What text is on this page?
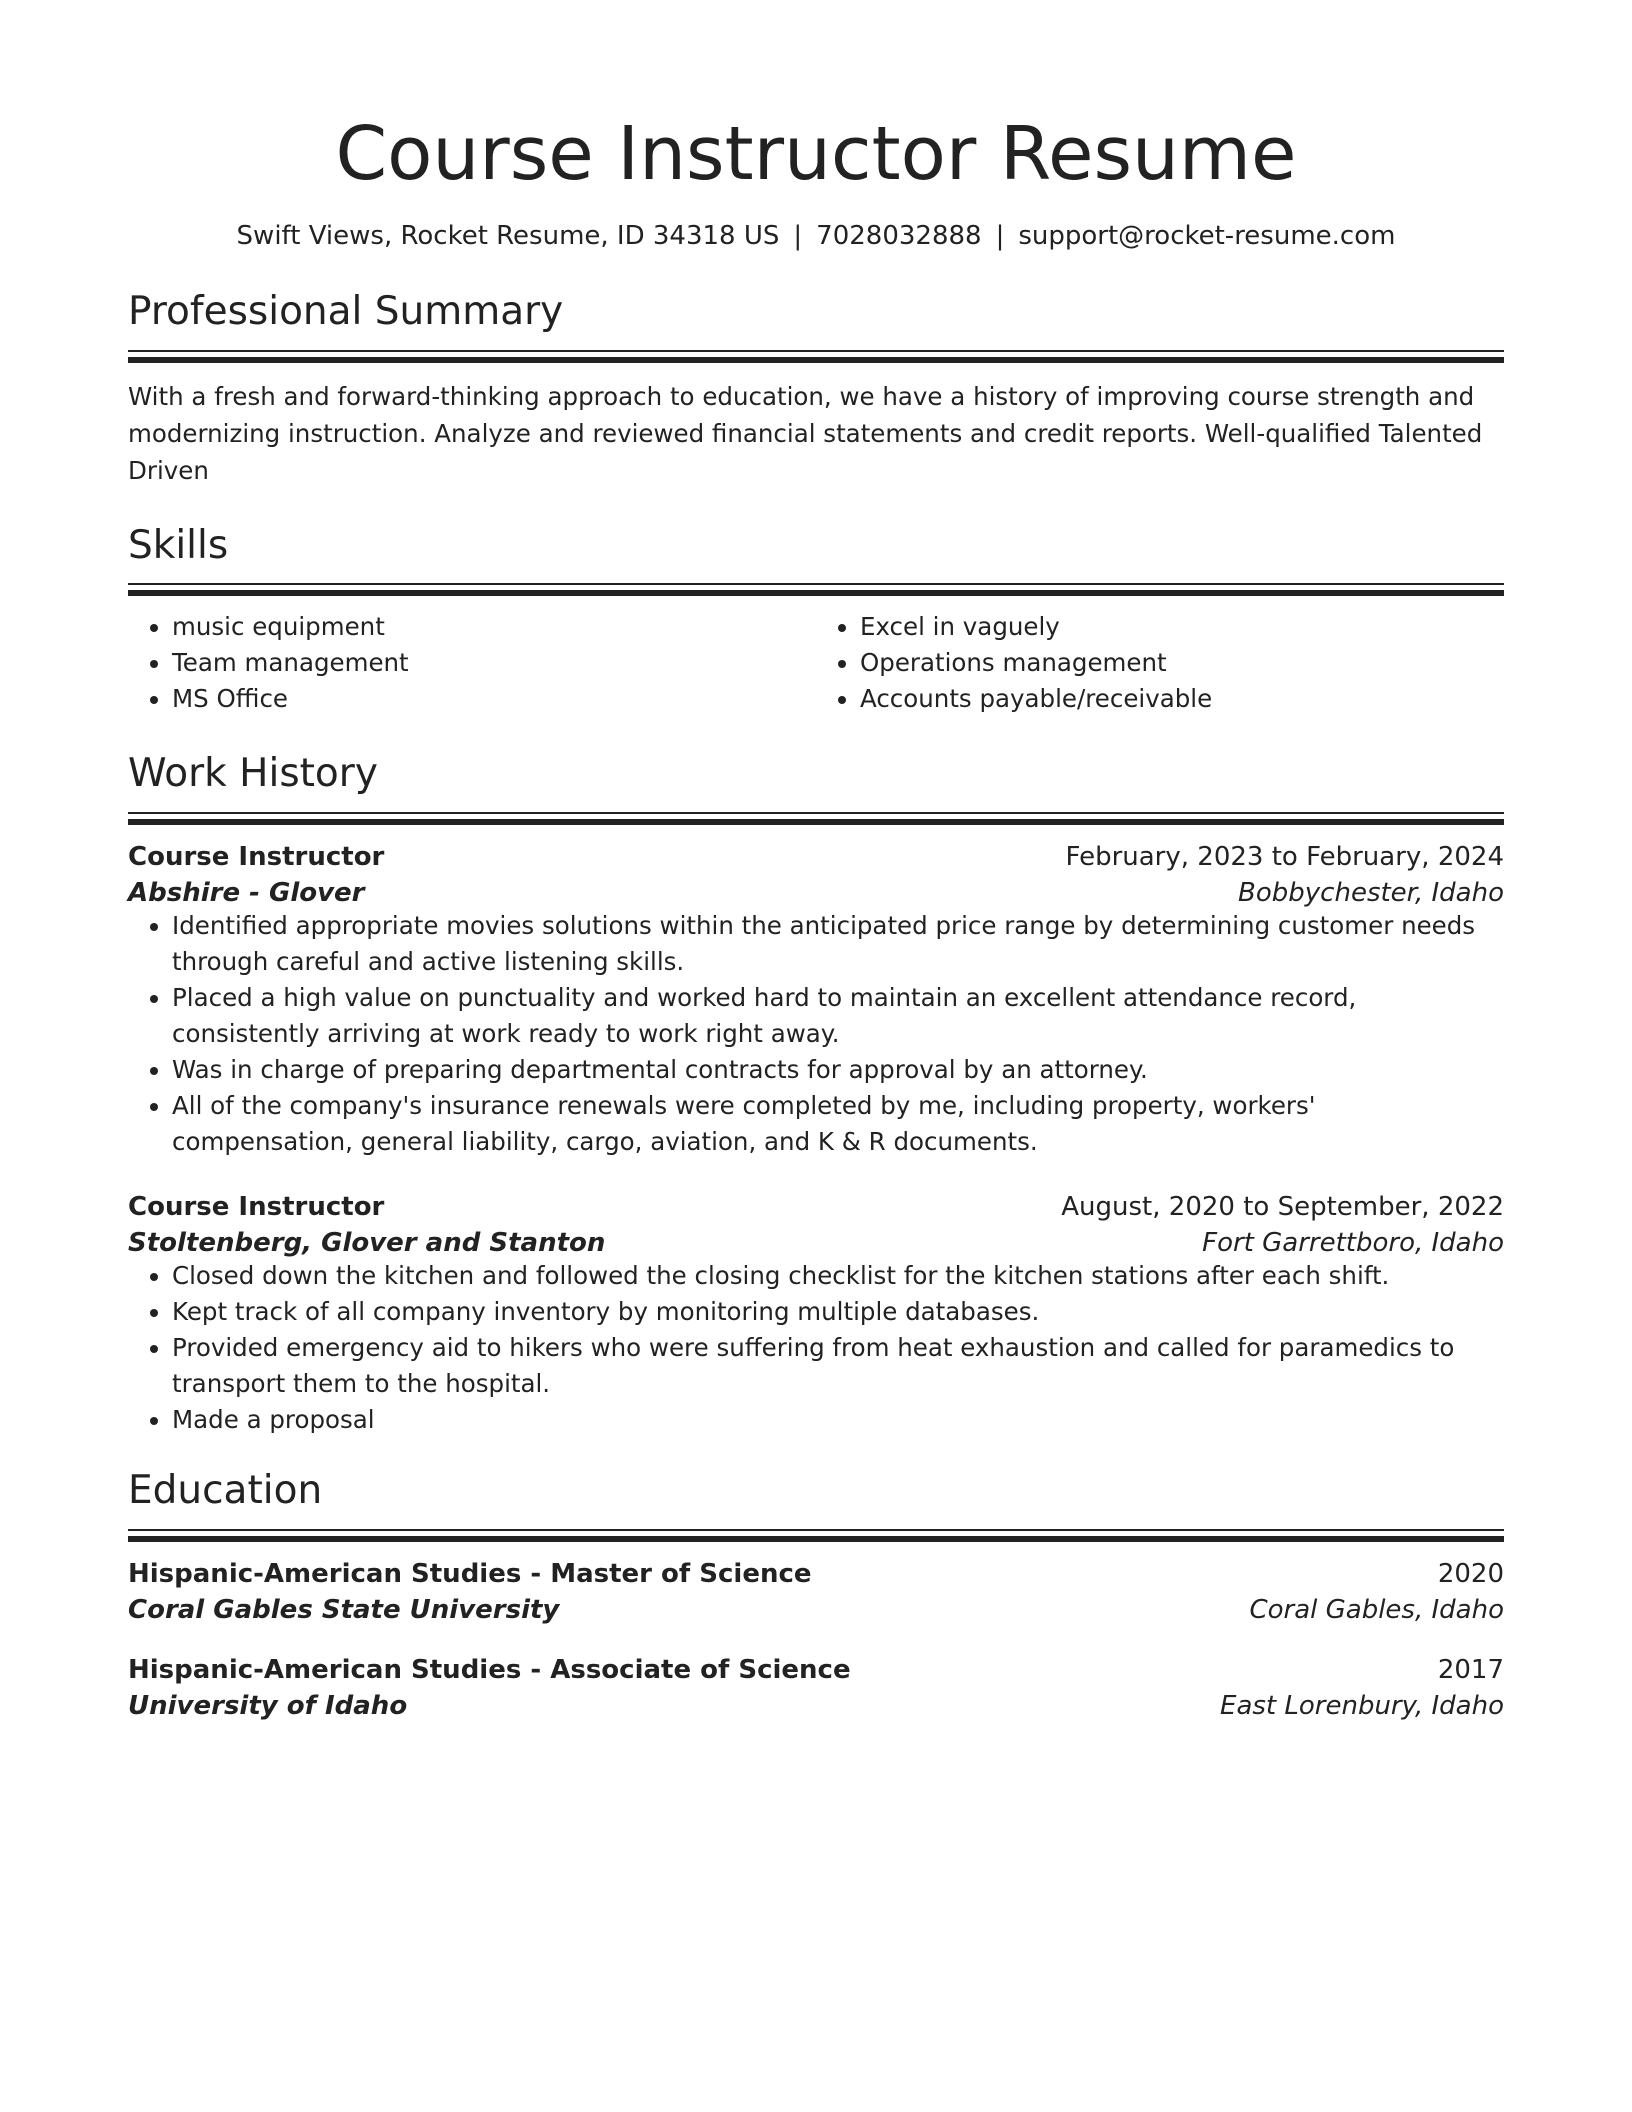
Course Instructor Resume
Swift Views, Rocket Resume, ID 34318 US | 7028032888 | support@rocket-resume.com
Professional Summary
With a fresh and forward-thinking approach to education, we have a history of improving course strength and modernizing instruction. Analyze and reviewed financial statements and credit reports. Well-qualified Talented Driven
Skills
• music equipment
• Team management
• MS Office
• Excel in vaguely
• Operations management
• Accounts payable/receivable
Work History
Course Instructor	February, 2023 to February, 2024
Abshire - Glover	Bobbychester, Idaho
• Identified appropriate movies solutions within the anticipated price range by determining customer needs through careful and active listening skills.
• Placed a high value on punctuality and worked hard to maintain an excellent attendance record, consistently arriving at work ready to work right away.
• Was in charge of preparing departmental contracts for approval by an attorney.
• All of the company's insurance renewals were completed by me, including property, workers' compensation, general liability, cargo, aviation, and K & R documents.
Course Instructor	August, 2020 to September, 2022
Stoltenberg, Glover and Stanton	Fort Garrettboro, Idaho
• Closed down the kitchen and followed the closing checklist for the kitchen stations after each shift.
• Kept track of all company inventory by monitoring multiple databases.
• Provided emergency aid to hikers who were suffering from heat exhaustion and called for paramedics to transport them to the hospital.
• Made a proposal
Education
Hispanic-American Studies - Master of Science	2020
Coral Gables State University	Coral Gables, Idaho
Hispanic-American Studies - Associate of Science	2017
University of Idaho	East Lorenbury, Idaho
